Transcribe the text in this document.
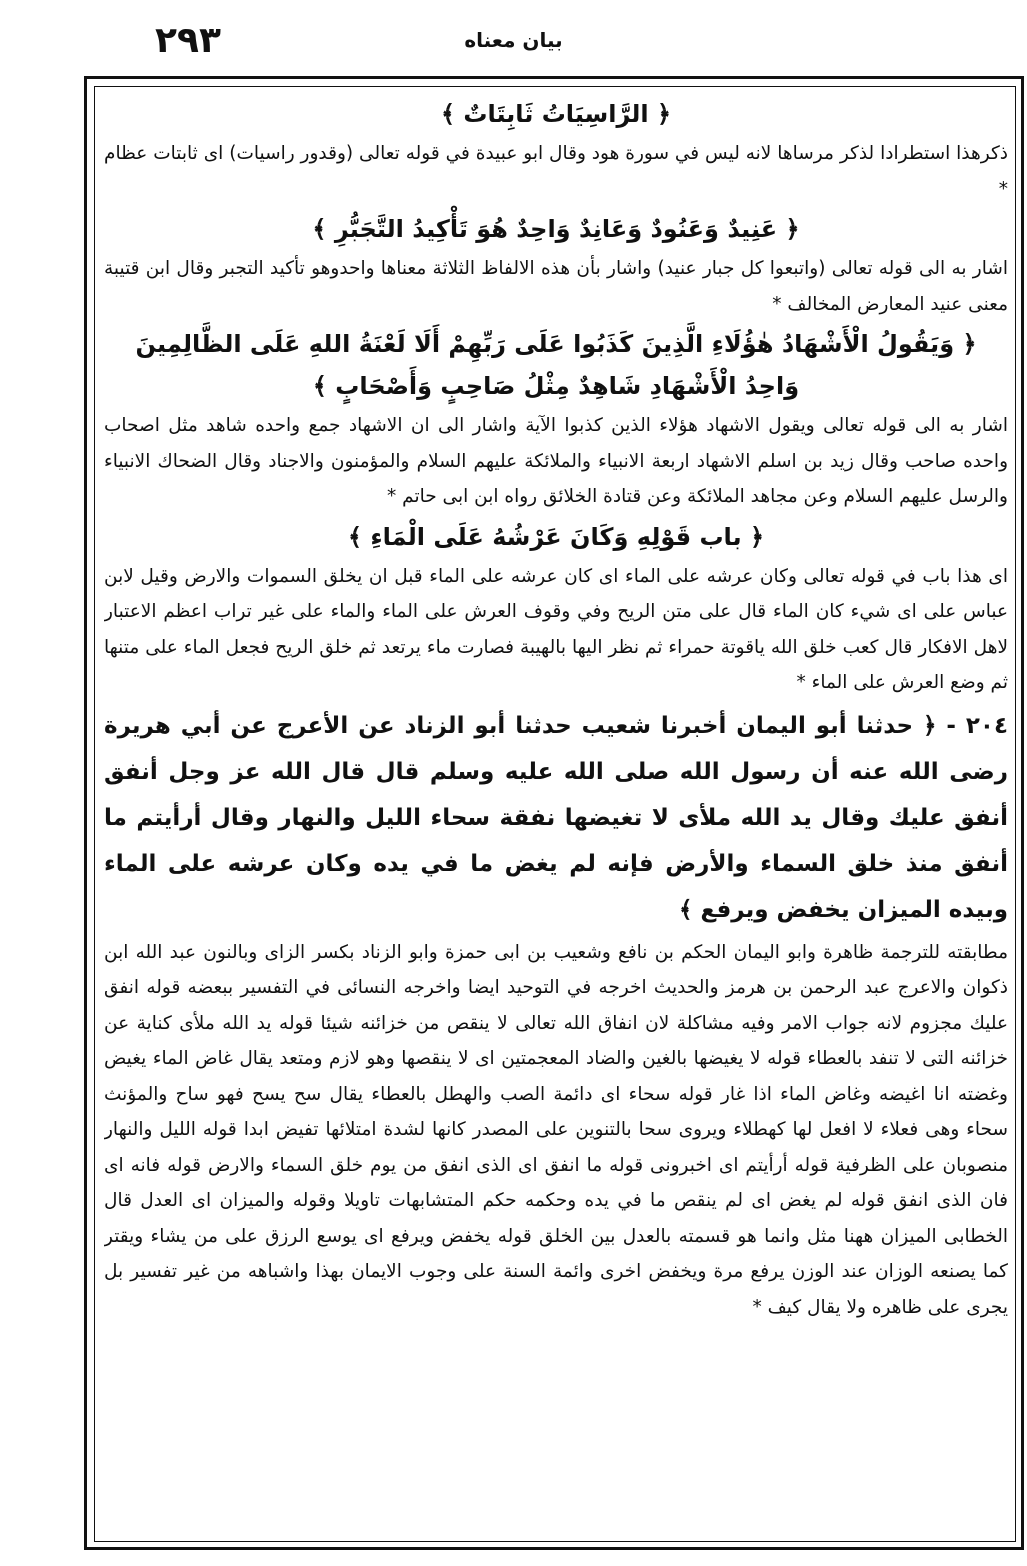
٢٩٣	بيان معناه
﴿ الرَّاسِيَاتُ ثَابِتَاتٌ ﴾

ذكرهذا استطرادا لذكر مرساها لانه ليس في سورة هود وقال ابو عبيدة في قوله تعالى (وقدور راسيات) اى ثابتات عظام *

﴿ عَنِيدٌ وَعَنُودٌ وَعَانِدٌ وَاحِدٌ هُوَ تَأْكِيدُ التَّجَبُّرِ ﴾

اشار به الى قوله تعالى (واتبعوا كل جبار عنيد) واشار بأن هذه الالفاظ الثلاثة معناها واحدوهو تأكيد التجبر وقال ابن قتيبة معنى عنيد المعارض المخالف *

﴿ وَيَقُولُ الْأَشْهَادُ هٰؤُلَاءِ الَّذِينَ كَذَبُوا عَلَى رَبِّهِمْ أَلَا لَعْنَةُ اللهِ عَلَى الظَّالِمِينَ
وَاحِدُ الْأَشْهَادِ شَاهِدٌ مِثْلُ صَاحِبٍ وَأَصْحَابٍ ﴾

اشار به الى قوله تعالى ويقول الاشهاد هؤلاء الذين كذبوا الآية واشار الى ان الاشهاد جمع واحده شاهد مثل اصحاب واحده صاحب وقال زيد بن اسلم الاشهاد اربعة الانبياء والملائكة عليهم السلام والمؤمنون والاجناد وقال الضحاك الانبياء والرسل عليهم السلام وعن مجاهد الملائكة وعن قتادة الخلائق رواه ابن ابى حاتم *

﴿ باب قَوْلِهِ وَكَانَ عَرْشُهُ عَلَى الْمَاءِ ﴾

اى هذا باب في قوله تعالى وكان عرشه على الماء اى كان عرشه على الماء قبل ان يخلق السموات والارض وقيل لابن عباس على اى شيء كان الماء قال على متن الريح وفي وقوف العرش على الماء والماء على غير تراب اعظم الاعتبار لاهل الافكار قال كعب خلق الله ياقوتة حمراء ثم نظر اليها بالهيبة فصارت ماء يرتعد ثم خلق الريح فجعل الماء على متنها ثم وضع العرش على الماء *

٢٠٤ - ﴿ حدثنا أبو اليمان أخبرنا شعيب حدثنا أبو الزناد عن الأعرج عن أبي هريرة رضى الله عنه أن رسول الله صلى الله عليه وسلم قال قال الله عز وجل أنفق أنفق عليك وقال يد الله ملأى لا تغيضها نفقة سحاء الليل والنهار وقال أرأيتم ما أنفق منذ خلق السماء والأرض فإنه لم يغض ما في يده وكان عرشه على الماء وبيده الميزان يخفض ويرفع ﴾

مطابقته للترجمة ظاهرة وابو اليمان الحكم بن نافع وشعيب بن ابى حمزة وابو الزناد بكسر الزاى وبالنون عبد الله ابن ذكوان والاعرج عبد الرحمن بن هرمز والحديث اخرجه في التوحيد ايضا واخرجه النسائى في التفسير ببعضه قوله انفق عليك مجزوم لانه جواب الامر وفيه مشاكلة لان انفاق الله تعالى لا ينقص من خزائنه شيئا قوله يد الله ملأى كناية عن خزائنه التى لا تنفد بالعطاء قوله لا يغيضها بالغين والضاد المعجمتين اى لا ينقصها وهو لازم ومتعد يقال غاض الماء يغيض وغضته انا اغيضه وغاض الماء اذا غار قوله سحاء اى دائمة الصب والهطل بالعطاء يقال سح يسح فهو ساح والمؤنث سحاء وهى فعلاء لا افعل لها كهطلاء ويروى سحا بالتنوين على المصدر كانها لشدة امتلائها تفيض ابدا قوله الليل والنهار منصوبان على الظرفية قوله أرأيتم اى اخبرونى قوله ما انفق اى الذى انفق من يوم خلق السماء والارض قوله فانه اى فان الذى انفق قوله لم يغض اى لم ينقص ما في يده وحكمه حكم المتشابهات تاويلا وقوله والميزان اى العدل قال الخطابى الميزان ههنا مثل وانما هو قسمته بالعدل بين الخلق قوله يخفض ويرفع اى يوسع الرزق على من يشاء ويقتر كما يصنعه الوزان عند الوزن يرفع مرة ويخفض اخرى وائمة السنة على وجوب الايمان بهذا واشباهه من غير تفسير بل يجرى على ظاهره ولا يقال كيف *
